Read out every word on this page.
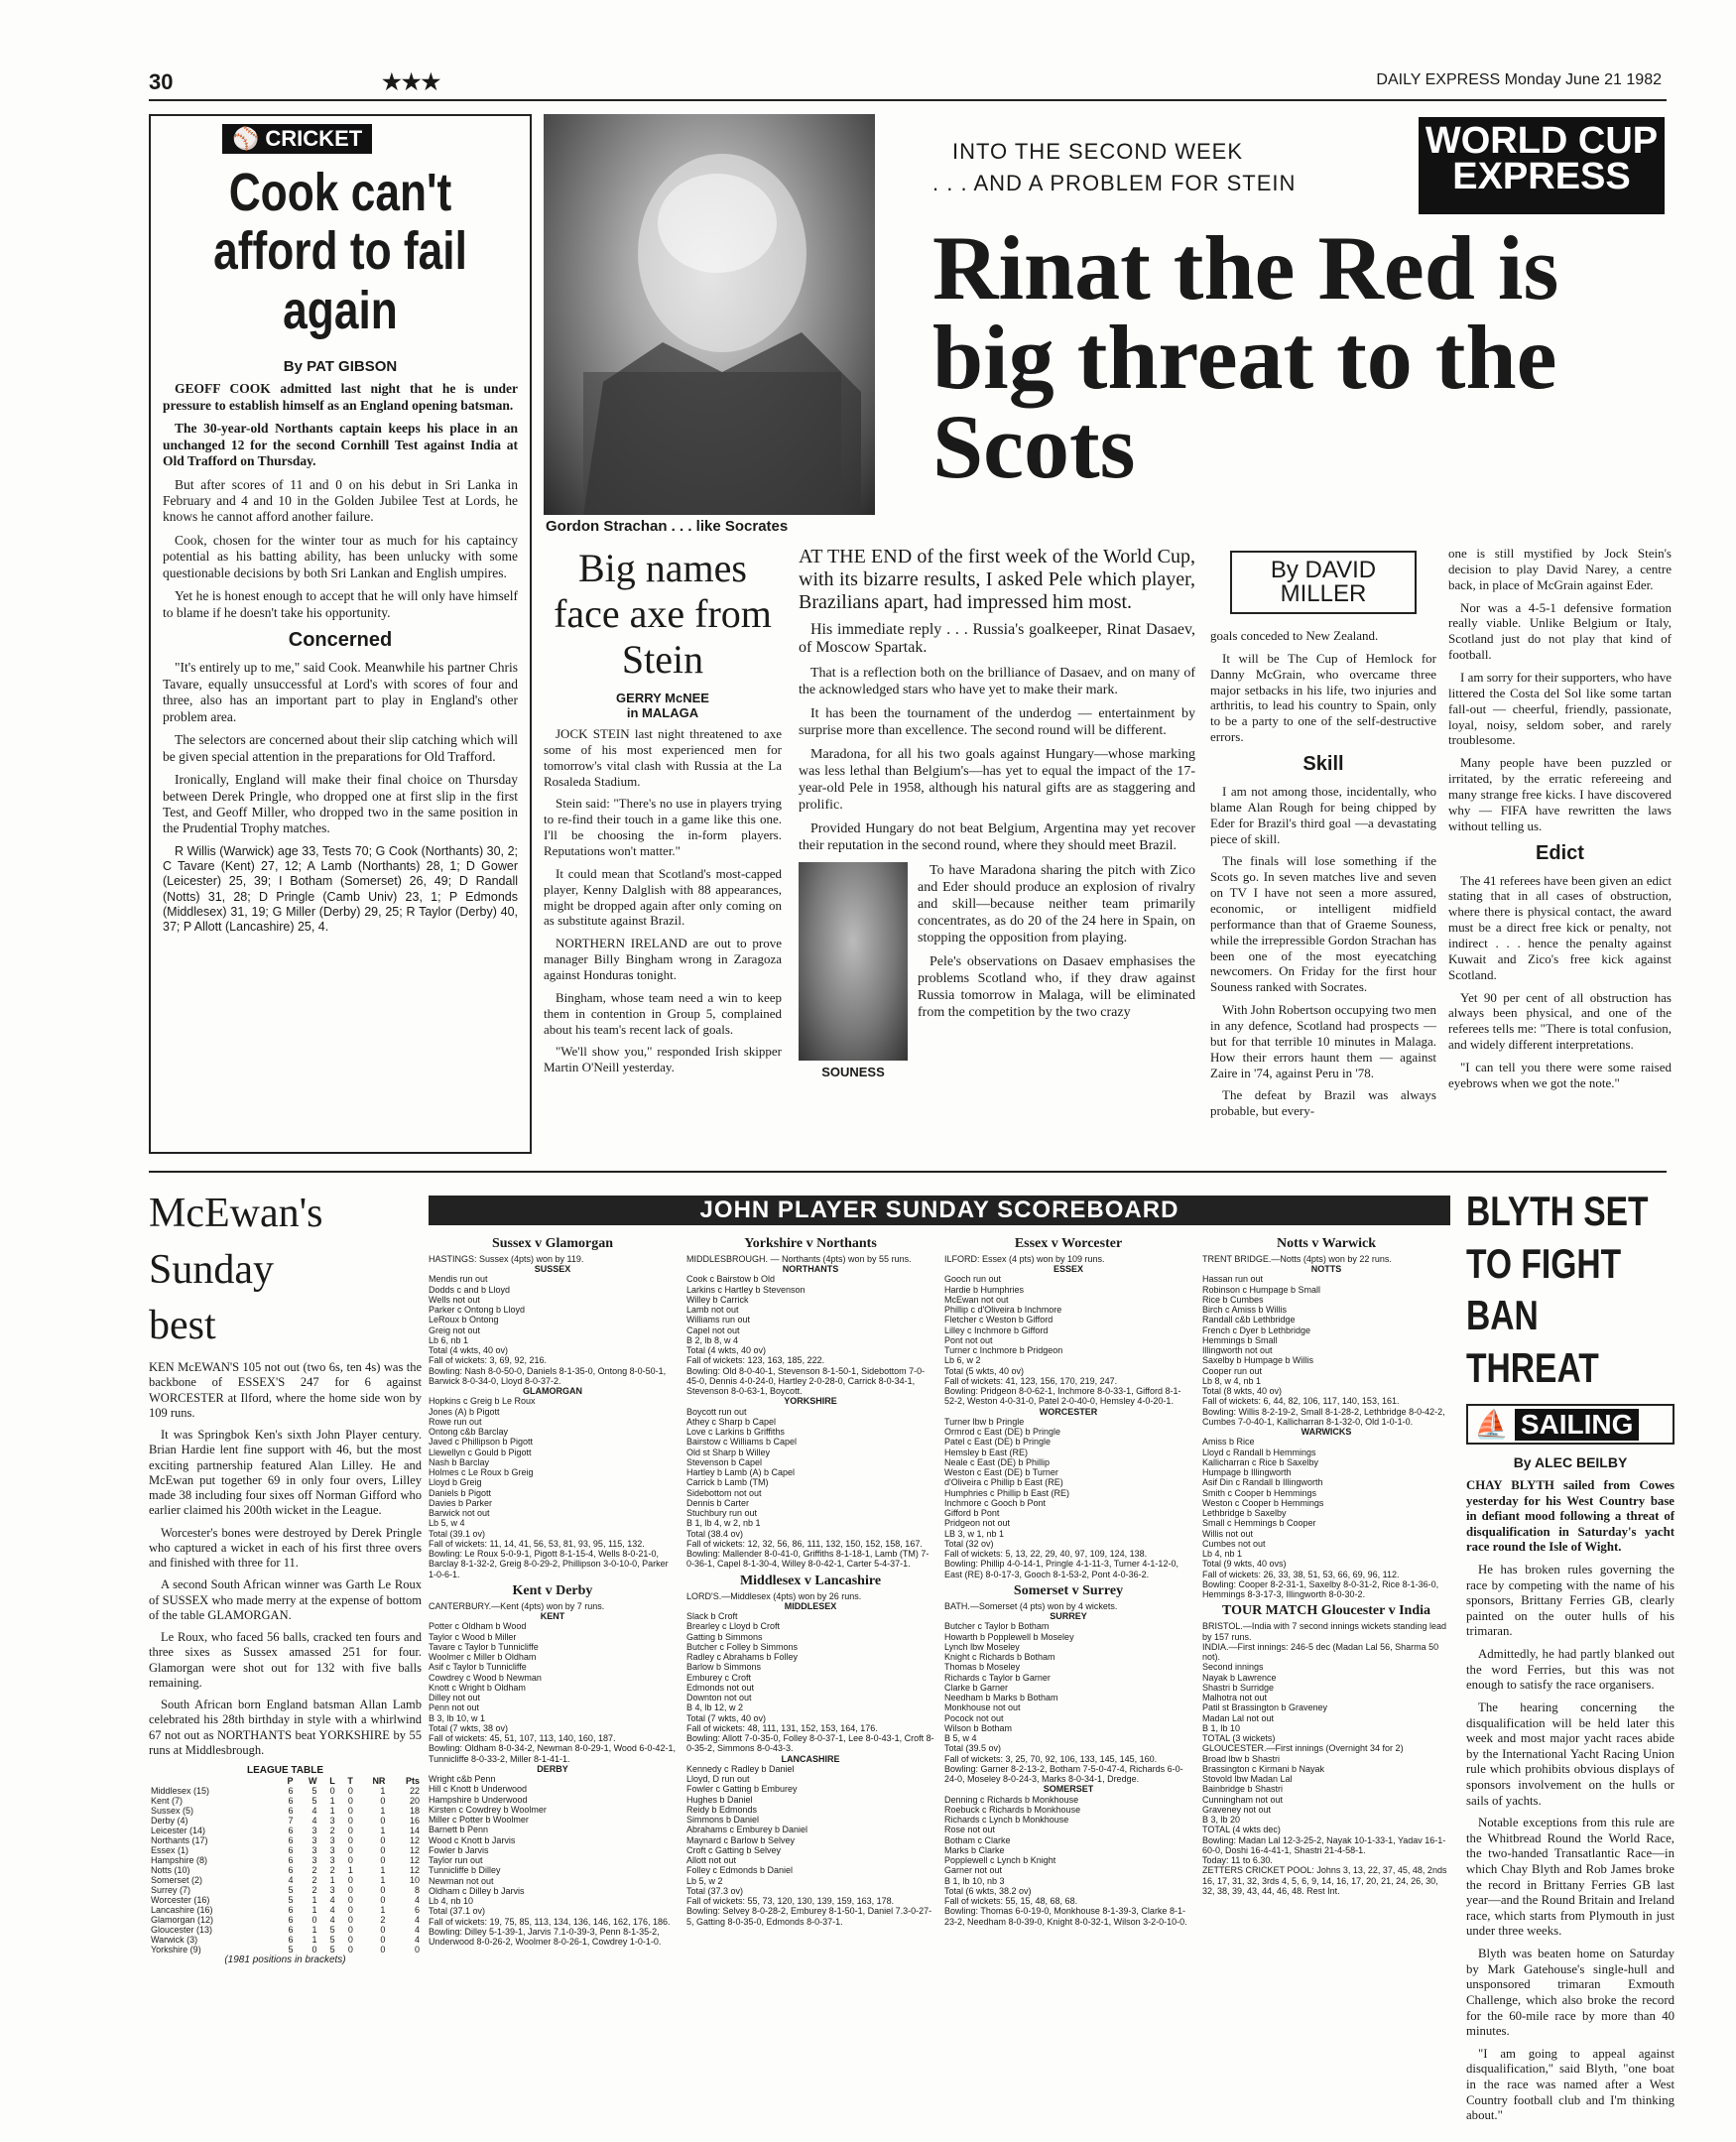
30	★★★	DAILY EXPRESS Monday June 21 1982
⚾ CRICKET
Cook can't afford to fail again
By PAT GIBSON

GEOFF COOK admitted last night that he is under pressure to establish himself as an England opening batsman.

The 30-year-old Northants captain keeps his place in an unchanged 12 for the second Cornhill Test against India at Old Trafford on Thursday.

But after scores of 11 and 0 on his debut in Sri Lanka in February and 4 and 10 in the Golden Jubilee Test at Lords, he knows he cannot afford another failure.

Cook, chosen for the winter tour as much for his captaincy potential as his batting ability, has been unlucky with some questionable decisions by both Sri Lankan and English umpires.

Yet he is honest enough to accept that he will only have himself to blame if he doesn't take his opportunity.

Concerned

"It's entirely up to me," said Cook. Meanwhile his partner Chris Tavare, equally unsuccessful at Lord's with scores of four and three, also has an important part to play in England's other problem area.

The selectors are concerned about their slip catching which will be given special attention in the preparations for Old Trafford.

Ironically, England will make their final choice on Thursday between Derek Pringle, who dropped one at first slip in the first Test, and Geoff Miller, who dropped two in the same position in the Prudential Trophy matches.

R Willis (Warwick) age 33, Tests 70; G Cook (Northants) 30, 2; C Tavare (Kent) 27, 12; A Lamb (Northants) 28, 1; D Gower (Leicester) 25, 39; I Botham (Somerset) 26, 49; D Randall (Notts) 31, 28; D Pringle (Camb Univ) 23, 1; P Edmonds (Middlesex) 31, 19; G Miller (Derby) 29, 25; R Taylor (Derby) 40, 37; P Allott (Lancashire) 25, 4.

Gordon Strachan . . . like Socrates
INTO THE SECOND WEEK
. . . AND A PROBLEM FOR STEIN
WORLD CUP EXPRESS
Rinat the Red is big threat to the Scots
Big names face axe from Stein
GERRY McNEE
in MALAGA

JOCK STEIN last night threatened to axe some of his most experienced men for tomorrow's vital clash with Russia at the La Rosaleda Stadium.

Stein said: "There's no use in players trying to re-find their touch in a game like this one. I'll be choosing the in-form players. Reputations won't matter."

It could mean that Scotland's most-capped player, Kenny Dalglish with 88 appearances, might be dropped again after only coming on as substitute against Brazil.

NORTHERN IRELAND are out to prove manager Billy Bingham wrong in Zaragoza against Honduras tonight.

Bingham, whose team need a win to keep them in contention in Group 5, complained about his team's recent lack of goals.

"We'll show you," responded Irish skipper Martin O'Neill yesterday.

AT THE END of the first week of the World Cup, with its bizarre results, I asked Pele which player, Brazilians apart, had impressed him most.

His immediate reply . . . Russia's goalkeeper, Rinat Dasaev, of Moscow Spartak.

That is a reflection both on the brilliance of Dasaev, and on many of the acknowledged stars who have yet to make their mark.

It has been the tournament of the underdog — entertainment by surprise more than excellence. The second round will be different.

Maradona, for all his two goals against Hungary—whose marking was less lethal than Belgium's—has yet to equal the impact of the 17-year-old Pele in 1958, although his natural gifts are as staggering and prolific.

Provided Hungary do not beat Belgium, Argentina may yet recover their reputation in the second round, where they should meet Brazil.

SOUNESS

To have Maradona sharing the pitch with Zico and Eder should produce an explosion of rivalry and skill—because neither team primarily concentrates, as do 20 of the 24 here in Spain, on stopping the opposition from playing.

Pele's observations on Dasaev emphasises the problems Scotland who, if they draw against Russia tomorrow in Malaga, will be eliminated from the competition by the two crazy

By DAVID MILLER

goals conceded to New Zealand.

It will be The Cup of Hemlock for Danny McGrain, who overcame three major setbacks in his life, two injuries and arthritis, to lead his country to Spain, only to be a party to one of the self-destructive errors.

Skill

I am not among those, incidentally, who blame Alan Rough for being chipped by Eder for Brazil's third goal —a devastating piece of skill.

The finals will lose something if the Scots go. In seven matches live and seven on TV I have not seen a more assured, economic, or intelligent midfield performance than that of Graeme Souness, while the irrepressible Gordon Strachan has been one of the most eyecatching newcomers. On Friday for the first hour Souness ranked with Socrates.

With John Robertson occupying two men in any defence, Scotland had prospects — but for that terrible 10 minutes in Malaga. How their errors haunt them — against Zaire in '74, against Peru in '78.

The defeat by Brazil was always probable, but every-

one is still mystified by Jock Stein's decision to play David Narey, a centre back, in place of McGrain against Eder.

Nor was a 4-5-1 defensive formation really viable. Unlike Belgium or Italy, Scotland just do not play that kind of football.

I am sorry for their supporters, who have littered the Costa del Sol like some tartan fall-out — cheerful, friendly, passionate, loyal, noisy, seldom sober, and rarely troublesome.

Many people have been puzzled or irritated, by the erratic refereeing and many strange free kicks. I have discovered why — FIFA have rewritten the laws without telling us.

Edict

The 41 referees have been given an edict stating that in all cases of obstruction, where there is physical contact, the award must be a direct free kick or penalty, not indirect . . . hence the penalty against Kuwait and Zico's free kick against Scotland.

Yet 90 per cent of all obstruction has always been physical, and one of the referees tells me: "There is total confusion, and widely different interpretations.

"I can tell you there were some raised eyebrows when we got the note."

McEwan's Sunday best

KEN McEWAN'S 105 not out (two 6s, ten 4s) was the backbone of ESSEX'S 247 for 6 against WORCESTER at Ilford, where the home side won by 109 runs.

It was Springbok Ken's sixth John Player century. Brian Hardie lent fine support with 46, but the most exciting partnership featured Alan Lilley. He and McEwan put together 69 in only four overs, Lilley made 38 including four sixes off Norman Gifford who earlier claimed his 200th wicket in the League.

Worcester's bones were destroyed by Derek Pringle who captured a wicket in each of his first three overs and finished with three for 11.

A second South African winner was Garth Le Roux of SUSSEX who made merry at the expense of bottom of the table GLAMORGAN.

Le Roux, who faced 56 balls, cracked ten fours and three sixes as Sussex amassed 251 for four. Glamorgan were shot out for 132 with five balls remaining.

South African born England batsman Allan Lamb celebrated his 28th birthday in style with a whirlwind 67 not out as NORTHANTS beat YORKSHIRE by 55 runs at Middlesbrough.

LEAGUE TABLE
	P	W	L	T	NR	Pts
Middlesex (15)	6	5	0	0	1	22
Kent (7)	6	5	1	0	0	20
Sussex (5)	6	4	1	0	1	18
Derby (4)	7	4	3	0	0	16
Leicester (14)	6	3	2	0	1	14
Northants (17)	6	3	3	0	0	12
Essex (1)	6	3	3	0	0	12
Hampshire (8)	6	3	3	0	0	12
Notts (10)	6	2	2	1	1	12
Somerset (2)	4	2	1	0	1	10
Surrey (7)	5	2	3	0	0	8
Worcester (16)	5	1	4	0	0	4
Lancashire (16)	6	1	4	0	1	6
Glamorgan (12)	6	0	4	0	2	4
Gloucester (13)	6	1	5	0	0	4
Warwick (3)	6	1	5	0	0	4
Yorkshire (9)	5	0	5	0	0	0
(1981 positions in brackets)
JOHN PLAYER SUNDAY SCOREBOARD
Sussex v Glamorgan
HASTINGS: Sussex (4pts) won by 119.
SUSSEX
Mendis run out
Dodds c and b Lloyd
Wells not out
Parker c Ontong b Lloyd
LeRoux b Ontong
Greig not out
Lb 6, nb 1
Total (4 wkts, 40 ov)
Fall of wickets: 3, 69, 92, 216.
Bowling: Nash 8-0-50-0, Daniels 8-1-35-0, Ontong 8-0-50-1, Barwick 8-0-34-0, Lloyd 8-0-37-2.
GLAMORGAN
Hopkins c Greig b Le Roux
Jones (A) b Pigott
Rowe run out
Ontong c&b Barclay
Javed c Phillipson b Pigott
Llewellyn c Gould b Pigott
Nash b Barclay
Holmes c Le Roux b Greig
Lloyd b Greig
Daniels b Pigott
Davies b Parker
Barwick not out
Lb 5, w 4
Total (39.1 ov)
Fall of wickets: 11, 14, 41, 56, 53, 81, 93, 95, 115, 132.
Bowling: Le Roux 5-0-9-1, Pigott 8-1-15-4, Wells 8-0-21-0, Barclay 8-1-32-2, Greig 8-0-29-2, Phillipson 3-0-10-0, Parker 1-0-6-1.
Kent v Derby
CANTERBURY.—Kent (4pts) won by 7 runs.
KENT
Potter c Oldham b Wood
Taylor c Wood b Miller
Tavare c Taylor b Tunnicliffe
Woolmer c Miller b Oldham
Asif c Taylor b Tunnicliffe
Cowdrey c Wood b Newman
Knott c Wright b Oldham
Dilley not out
Penn not out
B 3, lb 10, w 1
Total (7 wkts, 38 ov)
Fall of wickets: 45, 51, 107, 113, 140, 160, 187.
Bowling: Oldham 8-0-34-2, Newman 8-0-29-1, Wood 6-0-42-1, Tunnicliffe 8-0-33-2, Miller 8-1-41-1.
DERBY
Wright c&b Penn
Hill c Knott b Underwood
Hampshire b Underwood
Kirsten c Cowdrey b Woolmer
Miller c Potter b Woolmer
Barnett b Penn
Wood c Knott b Jarvis
Fowler b Jarvis
Taylor run out
Tunnicliffe b Dilley
Newman not out
Oldham c Dilley b Jarvis
Lb 4, nb 10
Total (37.1 ov)
Fall of wickets: 19, 75, 85, 113, 134, 136, 146, 162, 176, 186.
Bowling: Dilley 5-1-39-1, Jarvis 7.1-0-39-3, Penn 8-1-35-2, Underwood 8-0-26-2, Woolmer 8-0-26-1, Cowdrey 1-0-1-0.
Yorkshire v Northants
MIDDLESBROUGH. — Northants (4pts) won by 55 runs.
NORTHANTS
Cook c Bairstow b Old
Larkins c Hartley b Stevenson
Willey b Carrick
Lamb not out
Williams run out
Capel not out
B 2, lb 8, w 4
Total (4 wkts, 40 ov)
Fall of wickets: 123, 163, 185, 222.
Bowling: Old 8-0-40-1, Stevenson 8-1-50-1, Sidebottom 7-0-45-0, Dennis 4-0-24-0, Hartley 2-0-28-0, Carrick 8-0-34-1, Stevenson 8-0-63-1, Boycott.
YORKSHIRE
Boycott run out
Athey c Sharp b Capel
Love c Larkins b Griffiths
Bairstow c Williams b Capel
Old st Sharp b Willey
Stevenson b Capel
Hartley b Lamb (A) b Capel
Carrick b Lamb (TM)
Sidebottom not out
Dennis b Carter
Stuchbury run out
B 1, lb 4, w 2, nb 1
Total (38.4 ov)
Fall of wickets: 12, 32, 56, 86, 111, 132, 150, 152, 158, 167.
Bowling: Mallender 8-0-41-0, Griffiths 8-1-18-1, Lamb (TM) 7-0-36-1, Capel 8-1-30-4, Willey 8-0-42-1, Carter 5-4-37-1.
Middlesex v Lancashire
LORD'S.—Middlesex (4pts) won by 26 runs.
MIDDLESEX
Slack b Croft
Brearley c Lloyd b Croft
Gatting b Simmons
Butcher c Folley b Simmons
Radley c Abrahams b Folley
Barlow b Simmons
Emburey c Croft
Edmonds not out
Downton not out
B 4, lb 12, w 2
Total (7 wkts, 40 ov)
Fall of wickets: 48, 111, 131, 152, 153, 164, 176.
Bowling: Allott 7-0-35-0, Folley 8-0-37-1, Lee 8-0-43-1, Croft 8-0-35-2, Simmons 8-0-43-3.
LANCASHIRE
Kennedy c Radley b Daniel
Lloyd, D run out
Fowler c Gatting b Emburey
Hughes b Daniel
Reidy b Edmonds
Simmons b Daniel
Abrahams c Emburey b Daniel
Maynard c Barlow b Selvey
Croft c Gatting b Selvey
Allott not out
Folley c Edmonds b Daniel
Lb 5, w 2
Total (37.3 ov)
Fall of wickets: 55, 73, 120, 130, 139, 159, 163, 178.
Bowling: Selvey 8-0-28-2, Emburey 8-1-50-1, Daniel 7.3-0-27-5, Gatting 8-0-35-0, Edmonds 8-0-37-1.
Essex v Worcester
ILFORD: Essex (4 pts) won by 109 runs.
ESSEX
Gooch run out
Hardie b Humphries
McEwan not out
Phillip c d'Oliveira b Inchmore
Fletcher c Weston b Gifford
Lilley c Inchmore b Gifford
Pont not out
Turner c Inchmore b Pridgeon
Lb 6, w 2
Total (5 wkts, 40 ov)
Fall of wickets: 41, 123, 156, 170, 219, 247.
Bowling: Pridgeon 8-0-62-1, Inchmore 8-0-33-1, Gifford 8-1-52-2, Weston 4-0-31-0, Patel 2-0-40-0, Hemsley 4-0-20-1.
WORCESTER
Turner lbw b Pringle
Ormrod c East (DE) b Pringle
Patel c East (DE) b Pringle
Hemsley b East (RE)
Neale c East (DE) b Phillip
Weston c East (DE) b Turner
d'Oliveira c Phillip b East (RE)
Humphries c Phillip b East (RE)
Inchmore c Gooch b Pont
Gifford b Pont
Pridgeon not out
LB 3, w 1, nb 1
Total (32 ov)
Fall of wickets: 5, 13, 22, 29, 40, 97, 109, 124, 138.
Bowling: Phillip 4-0-14-1, Pringle 4-1-11-3, Turner 4-1-12-0, East (RE) 8-0-17-3, Gooch 8-1-53-2, Pont 4-0-36-2.
Somerset v Surrey
BATH.—Somerset (4 pts) won by 4 wickets.
SURREY
Butcher c Taylor b Botham
Howarth b Popplewell b Moseley
Lynch lbw Moseley
Knight c Richards b Botham
Thomas b Moseley
Richards c Taylor b Garner
Clarke b Garner
Needham b Marks b Botham
Monkhouse not out
Pocock not out
Wilson b Botham
B 5, w 4
Total (39.5 ov)
Fall of wickets: 3, 25, 70, 92, 106, 133, 145, 145, 160.
Bowling: Garner 8-2-13-2, Botham 7-5-0-47-4, Richards 6-0-24-0, Moseley 8-0-24-3, Marks 8-0-34-1, Dredge.
SOMERSET
Denning c Richards b Monkhouse
Roebuck c Richards b Monkhouse
Richards c Lynch b Monkhouse
Rose not out
Botham c Clarke
Marks b Clarke
Popplewell c Lynch b Knight
Garner not out
B 1, lb 10, nb 3
Total (6 wkts, 38.2 ov)
Fall of wickets: 55, 15, 48, 68, 68.
Bowling: Thomas 6-0-19-0, Monkhouse 8-1-39-3, Clarke 8-1-23-2, Needham 8-0-39-0, Knight 8-0-32-1, Wilson 3-2-0-10-0.
Notts v Warwick
TRENT BRIDGE.—Notts (4pts) won by 22 runs.
NOTTS
Hassan run out
Robinson c Humpage b Small
Rice b Cumbes
Birch c Amiss b Willis
Randall c&b Lethbridge
French c Dyer b Lethbridge
Hemmings b Small
Illingworth not out
Saxelby b Humpage b Willis
Cooper run out
Lb 8, w 4, nb 1
Total (8 wkts, 40 ov)
Fall of wickets: 6, 44, 82, 106, 117, 140, 153, 161.
Bowling: Willis 8-2-19-2, Small 8-1-28-2, Lethbridge 8-0-42-2, Cumbes 7-0-40-1, Kallicharran 8-1-32-0, Old 1-0-1-0.
WARWICKS
Amiss b Rice
Lloyd c Randall b Hemmings
Kallicharran c Rice b Saxelby
Humpage b Illingworth
Asif Din c Randall b Illingworth
Smith c Cooper b Hemmings
Weston c Cooper b Hemmings
Lethbridge b Saxelby
Small c Hemmings b Cooper
Willis not out
Cumbes not out
Lb 4, nb 1
Total (9 wkts, 40 ovs)
Fall of wickets: 26, 33, 38, 51, 53, 66, 69, 96, 112.
Bowling: Cooper 8-2-31-1, Saxelby 8-0-31-2, Rice 8-1-36-0, Hemmings 8-3-17-3, Illingworth 8-0-30-2.
TOUR MATCH Gloucester v India
BRISTOL.—India with 7 second innings wickets standing lead by 157 runs.
INDIA.—First innings: 246-5 dec (Madan Lal 56, Sharma 50 not).
Second innings
Nayak b Lawrence
Shastri b Surridge
Malhotra not out
Patil st Brassington b Graveney
Madan Lal not out
B 1, lb 10
TOTAL (3 wickets)
GLOUCESTER.—First innings (Overnight 34 for 2)
Broad lbw b Shastri
Brassington c Kirmani b Nayak
Stovold lbw Madan Lal
Bainbridge b Shastri
Cunningham not out
Graveney not out
B 3, lb 20
TOTAL (4 wkts dec)
Bowling: Madan Lal 12-3-25-2, Nayak 10-1-33-1, Yadav 16-1-60-0, Doshi 16-4-41-1, Shastri 21-4-58-1.
Today: 11 to 6.30.
ZETTERS CRICKET POOL: Johns 3, 13, 22, 37, 45, 48, 2nds 16, 17, 31, 32, 3rds 4, 5, 6, 9, 14, 16, 17, 20, 21, 24, 26, 30, 32, 38, 39, 43, 44, 46, 48. Rest Int.
BLYTH SET TO FIGHT BAN THREAT
⛵ SAILING
By ALEC BEILBY

CHAY BLYTH sailed from Cowes yesterday for his West Country base in defiant mood following a threat of disqualification in Saturday's yacht race round the Isle of Wight.

He has broken rules governing the race by competing with the name of his sponsors, Brittany Ferries GB, clearly painted on the outer hulls of his trimaran.

Admittedly, he had partly blanked out the word Ferries, but this was not enough to satisfy the race organisers.

The hearing concerning the disqualification will be held later this week and most major yacht races abide by the International Yacht Racing Union rule which prohibits obvious displays of sponsors involvement on the hulls or sails of yachts.

Notable exceptions from this rule are the Whitbread Round the World Race, the two-handed Transatlantic Race—in which Chay Blyth and Rob James broke the record in Brittany Ferries GB last year—and the Round Britain and Ireland race, which starts from Plymouth in just under three weeks.

Blyth was beaten home on Saturday by Mark Gatehouse's single-hull and unsponsored trimaran Exmouth Challenge, which also broke the record for the 60-mile race by more than 40 minutes.

"I am going to appeal against disqualification," said Blyth, "one boat in the race was named after a West Country football club and I'm thinking about."
